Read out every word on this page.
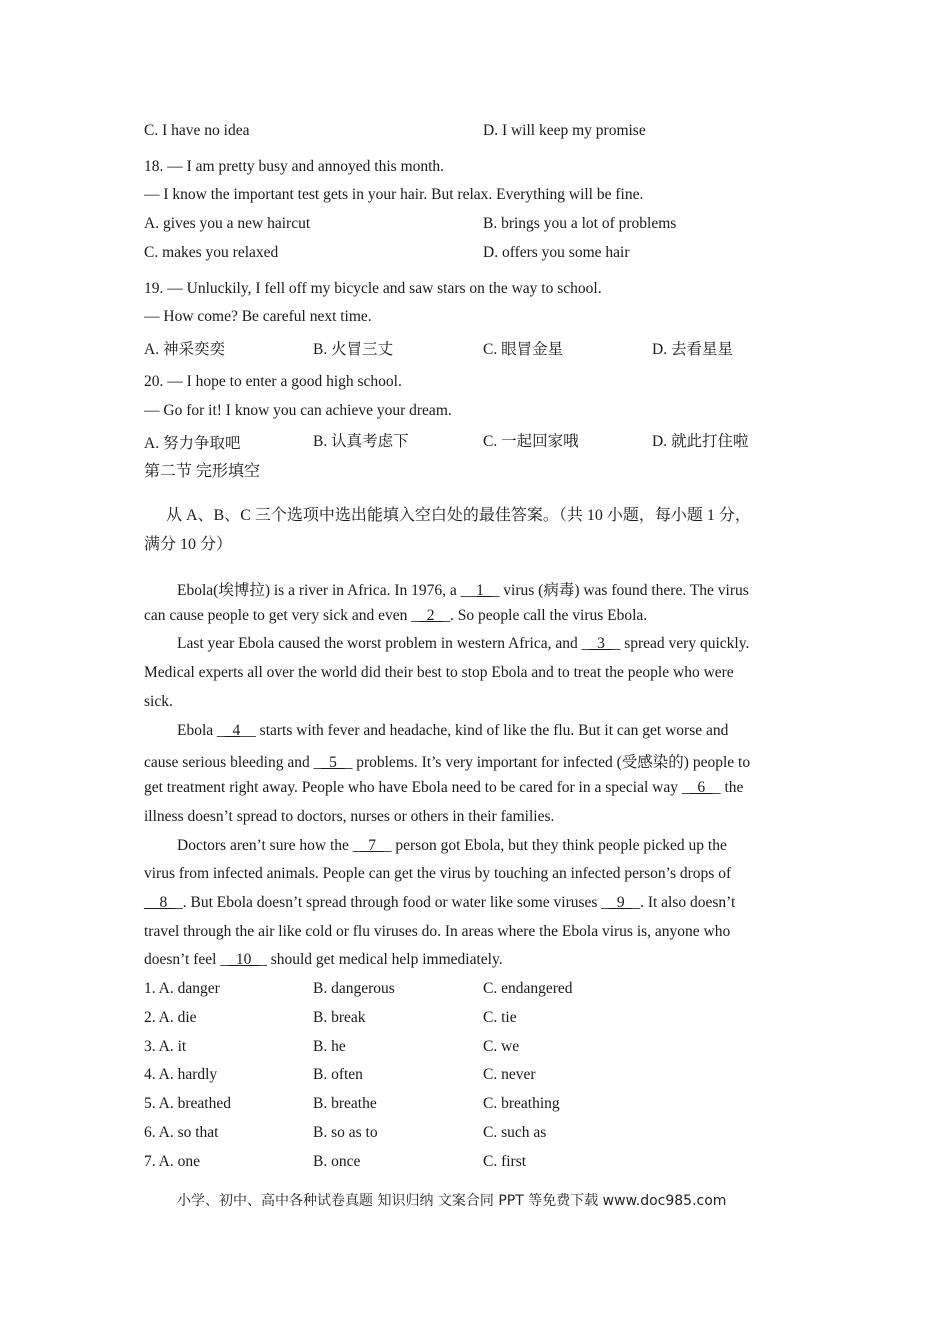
C. I have no idea	D. I will keep my promise
18. — I am pretty busy and annoyed this month.
— I know the important test gets in your hair. But relax. Everything will be fine.
A. gives you a new haircut	B. brings you a lot of problems
C. makes you relaxed	D. offers you some hair
19. — Unluckily, I fell off my bicycle and saw stars on the way to school.
— How come? Be careful next time.
A. 神采奕奕	B. 火冒三丈	C. 眼冒金星	D. 去看星星
20. — I hope to enter a good high school.
— Go for it! I know you can achieve your dream.
A. 努力争取吧	B. 认真考虑下	C. 一起回家哦	D. 就此打住啦
第二节 完形填空
从 A、B、C 三个选项中选出能填入空白处的最佳答案。（共 10 小题，每小题 1 分，
满分 10 分）
Ebola(埃博拉) is a river in Africa. In 1976, a __1__ virus (病毒) was found there. The virus
can cause people to get very sick and even __2__. So people call the virus Ebola.
Last year Ebola caused the worst problem in western Africa, and __3__ spread very quickly.
Medical experts all over the world did their best to stop Ebola and to treat the people who were
sick.
Ebola __4__ starts with fever and headache, kind of like the flu. But it can get worse and
cause serious bleeding and __5__ problems. It’s very important for infected (受感染的) people to
get treatment right away. People who have Ebola need to be cared for in a special way __6__ the
illness doesn’t spread to doctors, nurses or others in their families.
Doctors aren’t sure how the __7__ person got Ebola, but they think people picked up the
virus from infected animals. People can get the virus by touching an infected person’s drops of
__8__. But Ebola doesn’t spread through food or water like some viruses __9__. It also doesn’t
travel through the air like cold or flu viruses do. In areas where the Ebola virus is, anyone who
doesn’t feel __10__ should get medical help immediately.
1. A. danger	B. dangerous	C. endangered
2. A. die	B. break	C. tie
3. A. it	B. he	C. we
4. A. hardly	B. often	C. never
5. A. breathed	B. breathe	C. breathing
6. A. so that	B. so as to	C. such as
7. A. one	B. once	C. first
小学、初中、高中各种试卷真题 知识归纳 文案合同 PPT 等免费下载 www.doc985.com
